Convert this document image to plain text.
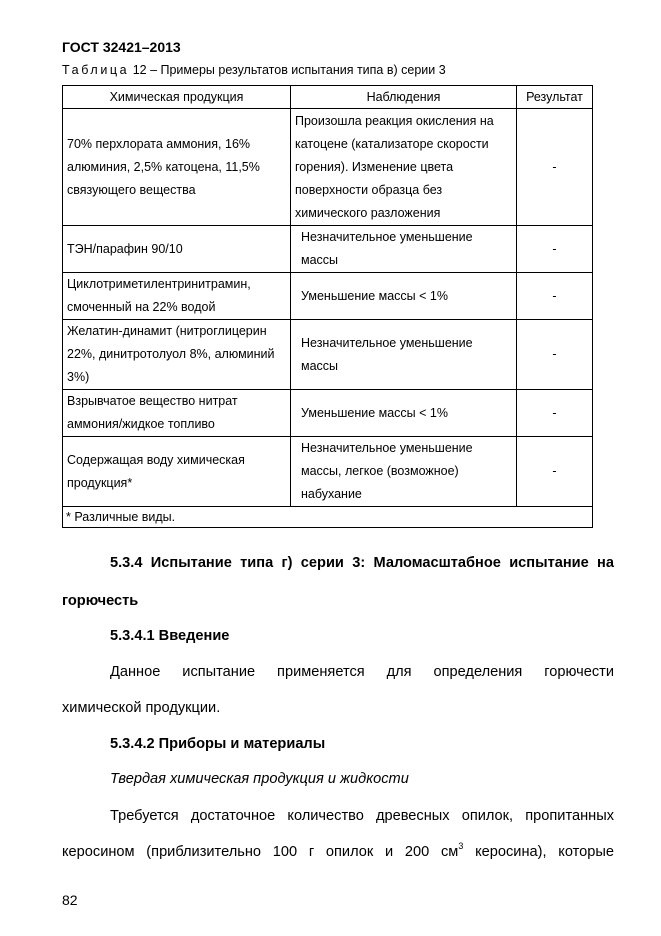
ГОСТ 32421–2013
Таблица 12 – Примеры результатов испытания типа в) серии 3
Химическая продукция	Наблюдения	Результат
70% перхлората аммония, 16% алюминия, 2,5% катоцена, 11,5% связующего вещества	Произошла реакция окисления на катоцене (катализаторе скорости горения). Изменение цвета поверхности образца без химического разложения	-
ТЭН/парафин 90/10	Незначительное уменьшение массы	-
Циклотриметилентринитрамин, смоченный на 22% водой	Уменьшение массы < 1%	-
Желатин-динамит (нитроглицерин 22%, динитротолуол 8%, алюминий 3%)	Незначительное уменьшение массы	-
Взрывчатое вещество нитрат аммония/жидкое топливо	Уменьшение массы < 1%	-
Содержащая воду химическая продукция*	Незначительное уменьшение массы, легкое (возможное) набухание	-
* Различные виды.		
5.3.4 Испытание типа г) серии 3: Маломасштабное испытание на
горючесть
5.3.4.1 Введение
Данное испытание применяется для определения горючести
химической продукции.
5.3.4.2 Приборы и материалы
Твердая химическая продукция и жидкости
Требуется достаточное количество древесных опилок, пропитанных
керосином (приблизительно 100 г опилок и 200 $см^3$ керосина), которые
82
